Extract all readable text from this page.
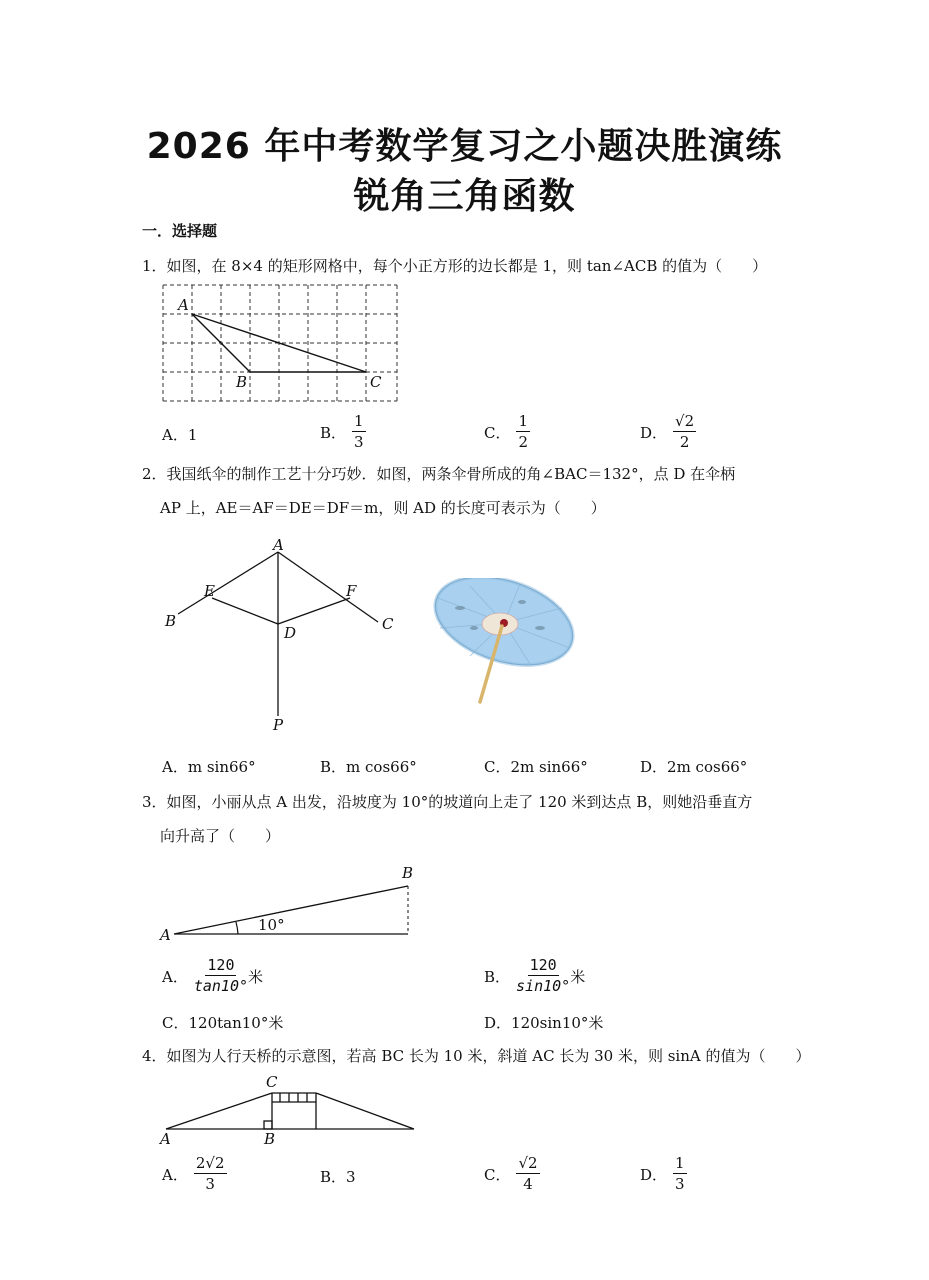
2026 年中考数学复习之小题决胜演练
锐角三角函数
一．选择题
1．如图，在 8×4 的矩形网格中，每个小正方形的边长都是 1，则 tan∠ACB 的值为（　　）
A
B	C
A． 1	B． $\frac{1}{3}$	C． $\frac{1}{2}$	D． $\frac{√2}{2}$
2．我国纸伞的制作工艺十分巧妙．如图，两条伞骨所成的角∠BAC＝132°，点 D 在伞柄
AP 上，AE＝AF＝DE＝DF＝m，则 AD 的长度可表示为（　　）
A
E	F
B	C
D
P
A．m sin66°	B．m cos66°	C．2m sin66°	D．2m cos66°
3．如图，小丽从点 A 出发，沿坡度为 10°的坡道向上走了 120 米到达点 B，则她沿垂直方
向升高了（　　）
A
B
10°
A． $\frac{120}{\tan 10^\circ}$ 米	B． $\frac{120}{\sin 10^\circ}$ 米
C．120tan10°米	D．120sin10°米
4．如图为人行天桥的示意图，若高 BC 长为 10 米，斜道 AC 长为 30 米，则 sinA 的值为（　　）
A	B
C
A． $\frac{2√2}{3}$	B．3	C． $\frac{√2}{4}$	D． $\frac{1}{3}$
